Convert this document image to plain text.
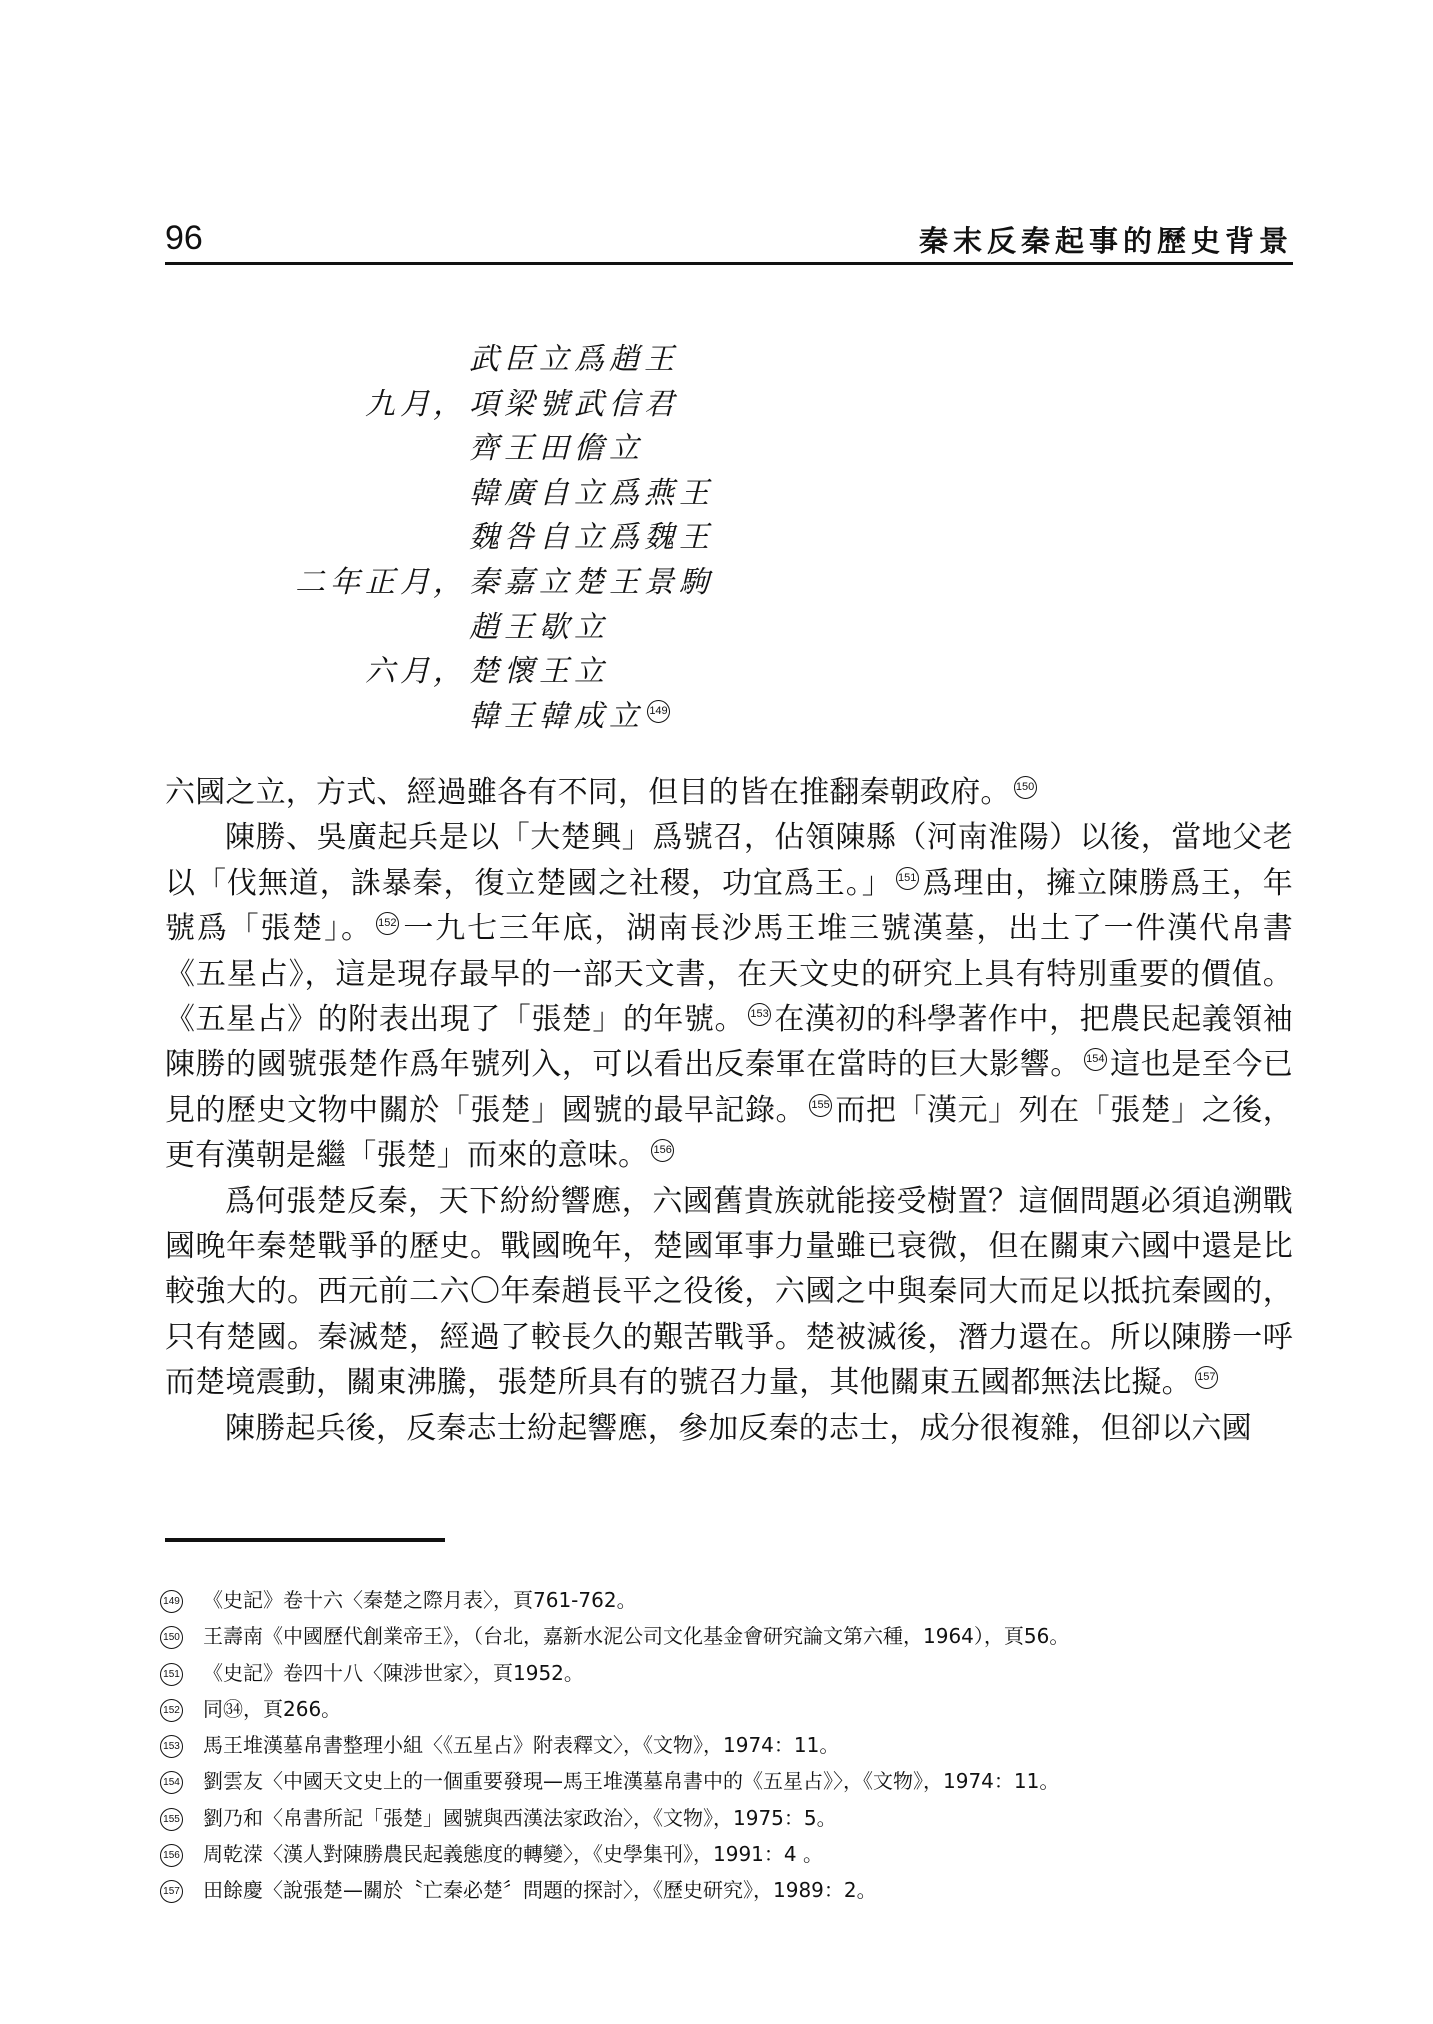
96	秦末反秦起事的歷史背景
武臣立爲趙王
九月
， 項梁號武信君
齊王田儋立
韓廣自立爲燕王
魏咎自立爲魏王
二年正月
， 秦嘉立楚王景駒
趙王歇立
六月
， 楚懷王立
韓王韓成立 149

六國之立，方式、經過雖各有不同，但目的皆在推翻秦朝政府。 150

陳勝、吳廣起兵是以「大楚興」爲號召，佔領陳縣（河南淮陽）以後，當地父老以「伐無道，誅暴秦，復立楚國之社稷，功宜爲王。」 151 爲理由，擁立陳勝爲王，年號爲「張楚」。 152 一九七三年底，湖南長沙馬王堆三號漢墓，出土了一件漢代帛書《五星占》，這是現存最早的一部天文書，在天文史的研究上具有特別重要的價值。《五星占》的附表出現了「張楚」的年號。 153 在漢初的科學著作中，把農民起義領袖陳勝的國號張楚作爲年號列入，可以看出反秦軍在當時的巨大影響。 154 這也是至今已見的歷史文物中關於「張楚」國號的最早記錄。 155 而把「漢元」列在「張楚」之後，更有漢朝是繼「張楚」而來的意味。 156

爲何張楚反秦，天下紛紛響應，六國舊貴族就能接受樹置？這個問題必須追溯戰國晚年秦楚戰爭的歷史。戰國晚年，楚國軍事力量雖已衰微，但在關東六國中還是比較強大的。西元前二六〇年秦趙長平之役後，六國之中與秦同大而足以抵抗秦國的，只有楚國。秦滅楚，經過了較長久的艱苦戰爭。楚被滅後，潛力還在。所以陳勝一呼而楚境震動，關東沸騰，張楚所具有的號召力量，其他關東五國都無法比擬。 157

陳勝起兵後，反秦志士紛起響應，參加反秦的志士，成分很複雜，但卻以六國

149 《史記》卷十六〈秦楚之際月表〉，頁761-762。
150 王壽南《中國歷代創業帝王》，（台北，嘉新水泥公司文化基金會研究論文第六種，1964），頁56。
151 《史記》卷四十八〈陳涉世家〉，頁1952。
152 同㉞，頁266。
153 馬王堆漢墓帛書整理小組〈《五星占》附表釋文〉，《文物》，1974：11。
154 劉雲友〈中國天文史上的一個重要發現—馬王堆漢墓帛書中的《五星占》〉，《文物》，1974：11。
155 劉乃和〈帛書所記「張楚」國號與西漢法家政治〉，《文物》，1975：5。
156 周乾溁〈漢人對陳勝農民起義態度的轉變〉，《史學集刊》，1991：4 。
157 田餘慶〈說張楚—關於〝亡秦必楚〞問題的探討〉，《歷史研究》，1989：2。
